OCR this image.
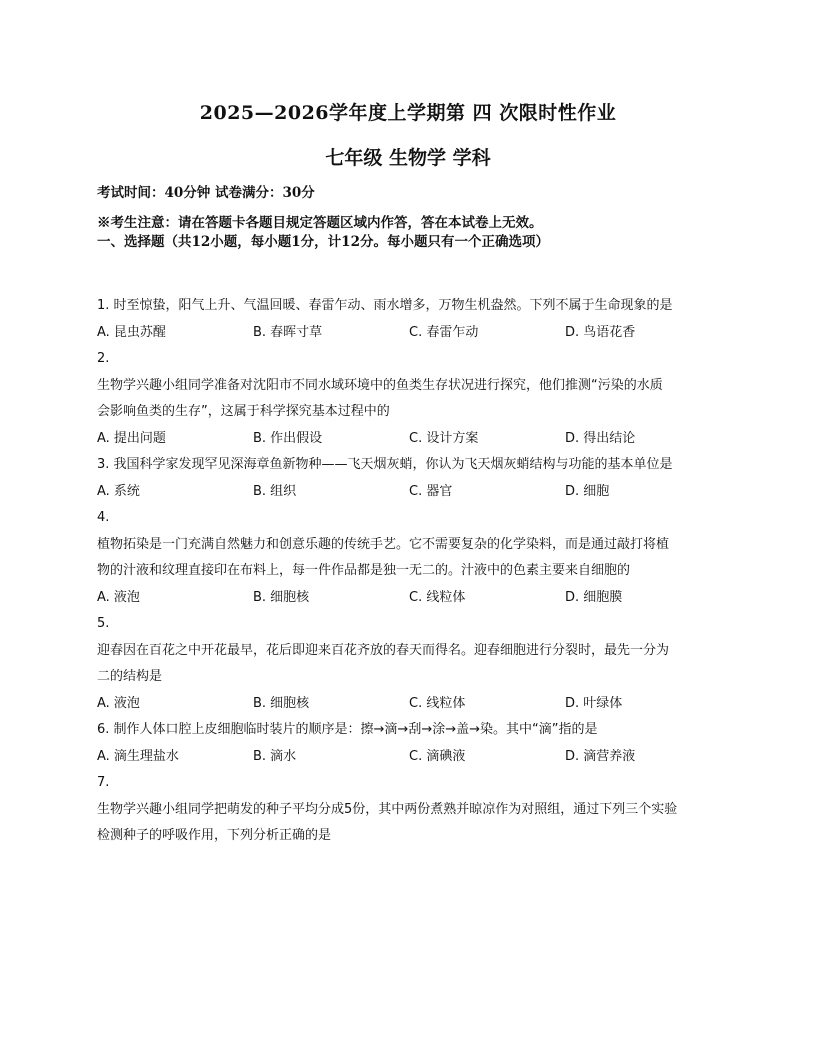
2025—2026学年度上学期第 四 次限时性作业
七年级 生物学 学科
考试时间：40分钟 试卷满分：30分
※考生注意：请在答题卡各题目规定答题区域内作答，答在本试卷上无效。
一、选择题（共12小题，每小题1分，计12分。每小题只有一个正确选项）
1. 时至惊蛰，阳气上升、气温回暖、春雷乍动、雨水增多，万物生机盎然。下列不属于生命现象的是
A. 昆虫苏醒	B. 春晖寸草	C. 春雷乍动	D. 鸟语花香
2.
生物学兴趣小组同学准备对沈阳市不同水域环境中的鱼类生存状况进行探究，他们推测“污染的水质
会影响鱼类的生存”，这属于科学探究基本过程中的
A. 提出问题	B. 作出假设	C. 设计方案	D. 得出结论
3. 我国科学家发现罕见深海章鱼新物种——飞天烟灰蛸，你认为飞天烟灰蛸结构与功能的基本单位是
A. 系统	B. 组织	C. 器官	D. 细胞
4.
植物拓染是一门充满自然魅力和创意乐趣的传统手艺。它不需要复杂的化学染料，而是通过敲打将植
物的汁液和纹理直接印在布料上，每一件作品都是独一无二的。汁液中的色素主要来自细胞的
A. 液泡	B. 细胞核	C. 线粒体	D. 细胞膜
5.
迎春因在百花之中开花最早，花后即迎来百花齐放的春天而得名。迎春细胞进行分裂时，最先一分为
二的结构是
A. 液泡	B. 细胞核	C. 线粒体	D. 叶绿体
6. 制作人体口腔上皮细胞临时装片的顺序是：擦→滴→刮→涂→盖→染。其中“滴”指的是
A. 滴生理盐水	B. 滴水	C. 滴碘液	D. 滴营养液
7.
生物学兴趣小组同学把萌发的种子平均分成5份，其中两份煮熟并晾凉作为对照组，通过下列三个实验
检测种子的呼吸作用，下列分析正确的是
